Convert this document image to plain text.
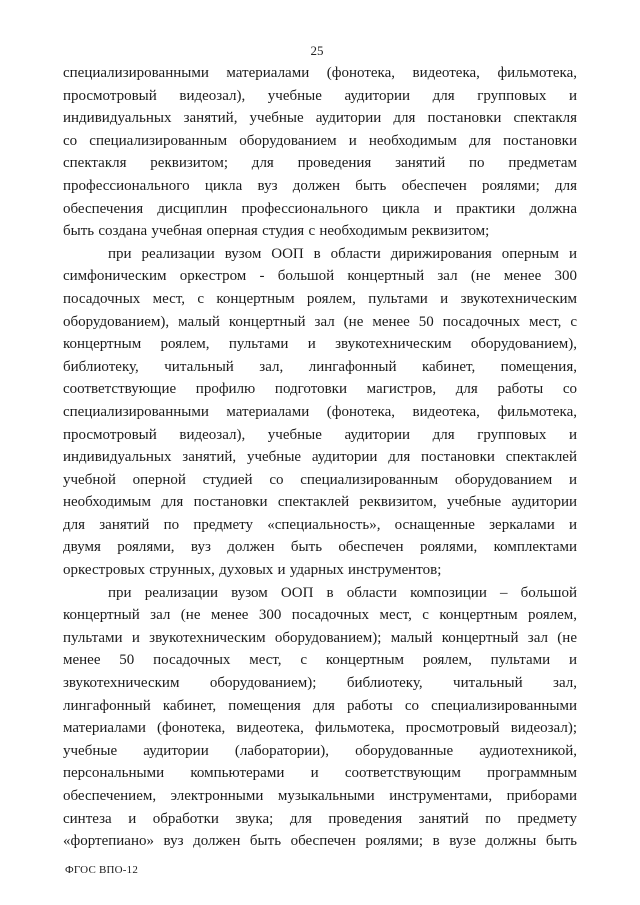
25
специализированными материалами (фонотека, видеотека, фильмотека,
просмотровый видеозал), учебные аудитории для групповых и
индивидуальных занятий, учебные аудитории для постановки спектакля
со специализированным оборудованием и необходимым для постановки
спектакля реквизитом; для проведения занятий по предметам
профессионального цикла вуз должен быть обеспечен роялями; для
обеспечения дисциплин профессионального цикла и практики должна
быть создана учебная оперная студия с необходимым реквизитом;
при реализации вузом ООП в области дирижирования оперным и
симфоническим оркестром - большой концертный зал (не менее 300
посадочных мест, с концертным роялем, пультами и звукотехническим
оборудованием), малый концертный зал (не менее 50 посадочных мест, с
концертным роялем, пультами и звукотехническим оборудованием),
библиотеку, читальный зал, лингафонный кабинет, помещения,
соответствующие профилю подготовки магистров, для работы со
специализированными материалами (фонотека, видеотека, фильмотека,
просмотровый видеозал), учебные аудитории для групповых и
индивидуальных занятий, учебные аудитории для постановки спектаклей
учебной оперной студией со специализированным оборудованием и
необходимым для постановки спектаклей реквизитом, учебные аудитории
для занятий по предмету «специальность», оснащенные зеркалами и
двумя роялями, вуз должен быть обеспечен роялями, комплектами
оркестровых струнных, духовых и ударных инструментов;
при реализации вузом ООП в области композиции – большой
концертный зал (не менее 300 посадочных мест, с концертным роялем,
пультами и звукотехническим оборудованием); малый концертный зал (не
менее 50 посадочных мест, с концертным роялем, пультами и
звукотехническим оборудованием); библиотеку, читальный зал,
лингафонный кабинет, помещения для работы со специализированными
материалами (фонотека, видеотека, фильмотека, просмотровый видеозал);
учебные аудитории (лаборатории), оборудованные аудиотехникой,
персональными компьютерами и соответствующим программным
обеспечением, электронными музыкальными инструментами, приборами
синтеза и обработки звука; для проведения занятий по предмету
«фортепиано» вуз должен быть обеспечен роялями; в вузе должны быть
ФГОС ВПО-12
